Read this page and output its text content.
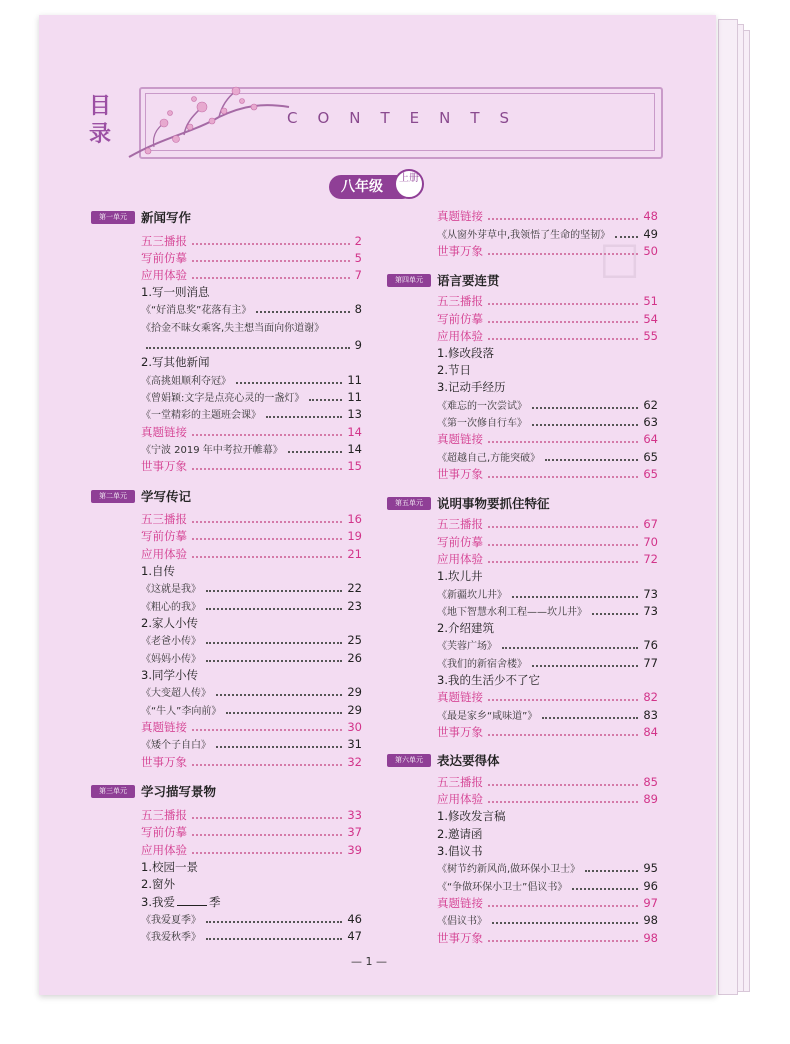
☐
目录
CONTENTS
八年级
上册
— 1 —
第一单元	新闻写作
第二单元	学写传记
第三单元	学习描写景物
第四单元	语言要连贯
第五单元	说明事物要抓住特征
第六单元	表达要得体
五三播报	2
写前仿摹	5
应用体验	7
1.写一则消息
《“好消息奖”花落有主》	8
《拾金不昧女乘客,失主想当面向你道谢》
9
2.写其他新闻
《高挑姐顺利夺冠》	11
《曾娟颖:文字是点亮心灵的一盏灯》	11
《一堂精彩的主题班会课》	13
真题链接	14
《宁波 2019 年中考拉开帷幕》	14
世事万象	15
五三播报	16
写前仿摹	19
应用体验	21
1.自传
《这就是我》	22
《粗心的我》	23
2.家人小传
《老爸小传》	25
《妈妈小传》	26
3.同学小传
《大变超人传》	29
《“牛人”李向前》	29
真题链接	30
《矮个子自白》	31
世事万象	32
五三播报	33
写前仿摹	37
应用体验	39
1.校园一景
2.窗外
3.我爱	季
《我爱夏季》	46
《我爱秋季》	47
真题链接	48
《从窗外芽草中,我领悟了生命的坚韧》	49
世事万象	50
五三播报	51
写前仿摹	54
应用体验	55
1.修改段落
2.节日
3.记动手经历
《难忘的一次尝试》	62
《第一次修自行车》	63
真题链接	64
《超越自己,方能突破》	65
世事万象	65
五三播报	67
写前仿摹	70
应用体验	72
1.坎儿井
《新疆坎儿井》	73
《地下智慧水利工程——坎儿井》	73
2.介绍建筑
《芙蓉广场》	76
《我们的新宿舍楼》	77
3.我的生活少不了它
真题链接	82
《最是家乡“咸味道”》	83
世事万象	84
五三播报	85
应用体验	89
1.修改发言稿
2.邀请函
3.倡议书
《树节约新风尚,做环保小卫士》	95
《“争做环保小卫士”倡议书》	96
真题链接	97
《倡议书》	98
世事万象	98
